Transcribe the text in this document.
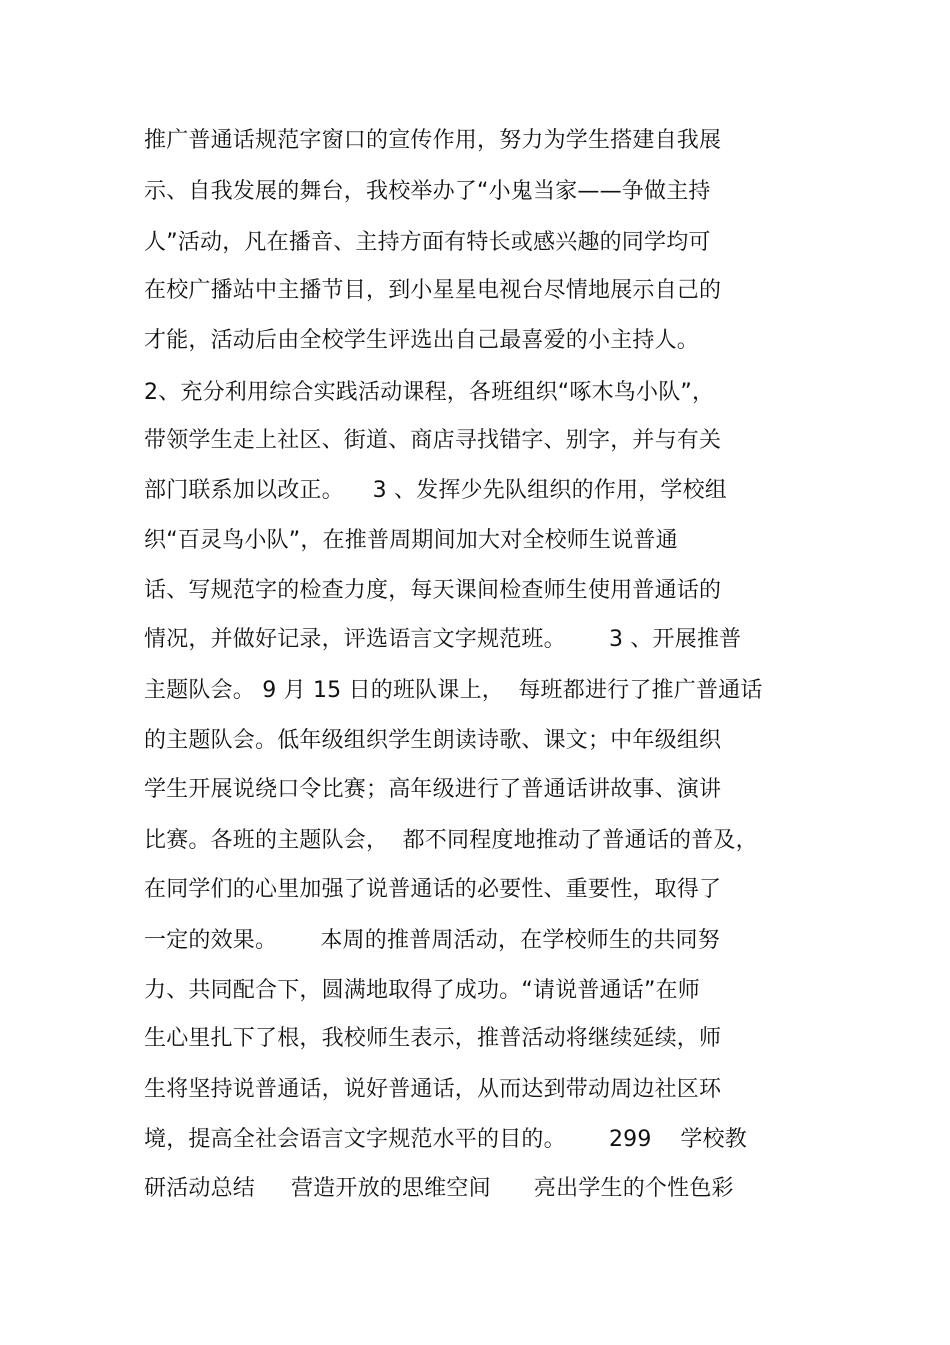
推广普通话规范字窗口的宣传作用，努力为学生搭建自我展
示、自我发展的舞台，我校举办了“小鬼当家——争做主持
人”活动，凡在播音、主持方面有特长或感兴趣的同学均可
在校广播站中主播节目，到小星星电视台尽情地展示自己的
才能，活动后由全校学生评选出自己最喜爱的小主持人。
2、充分利用综合实践活动课程，各班组织“啄木鸟小队”，
带领学生走上社区、街道、商店寻找错字、别字，并与有关
部门联系加以改正。    3 、发挥少先队组织的作用，学校组
织“百灵鸟小队”，在推普周期间加大对全校师生说普通
话、写规范字的检查力度，每天课间检查师生使用普通话的
情况，并做好记录，评选语言文字规范班。      3 、开展推普
主题队会。 9 月 15 日的班队课上，  每班都进行了推广普通话
的主题队会。低年级组织学生朗读诗歌、课文；中年级组织
学生开展说绕口令比赛；高年级进行了普通话讲故事、演讲
比赛。各班的主题队会，  都不同程度地推动了普通话的普及，
在同学们的心里加强了说普通话的必要性、重要性，取得了
一定的效果。      本周的推普周活动，在学校师生的共同努
力、共同配合下，圆满地取得了成功。“请说普通话”在师
生心里扎下了根，我校师生表示，推普活动将继续延续，师
生将坚持说普通话，说好普通话，从而达到带动周边社区环
境，提高全社会语言文字规范水平的目的。      299    学校教
研活动总结     营造开放的思维空间      亮出学生的个性色彩
